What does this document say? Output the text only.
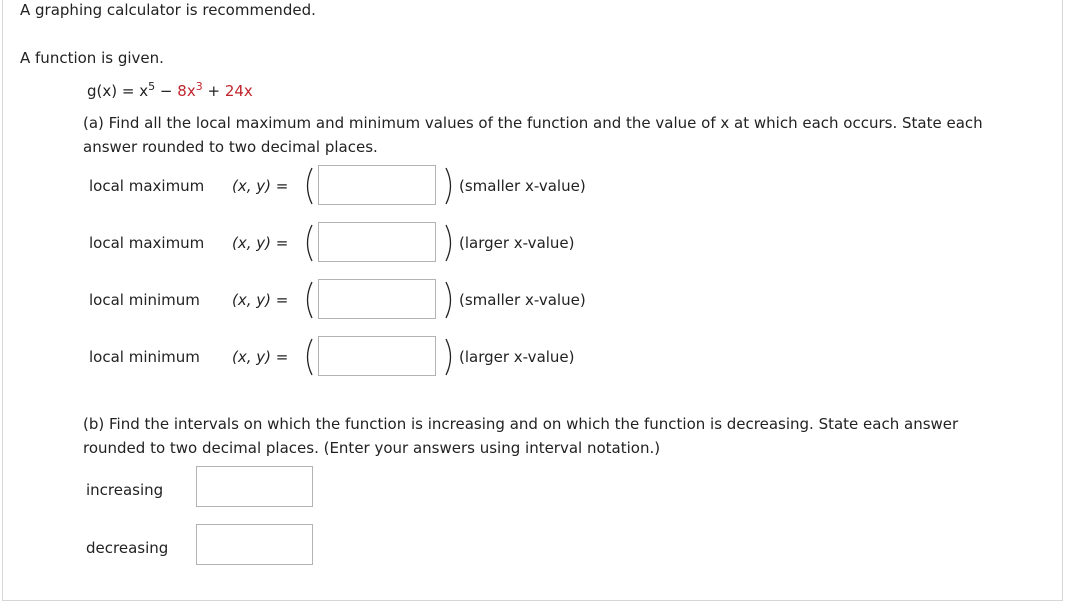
A graphing calculator is recommended.
A function is given.
$g(x) = x^5 - 8x^3 + 24x$
(a) Find all the local maximum and minimum values of the function and the value of x at which each occurs. State each
answer rounded to two decimal places.
local maximum (x, y) =	(smaller x-value)
local maximum (x, y) =	(larger x-value)
local minimum (x, y) =	(smaller x-value)
local minimum (x, y) =	(larger x-value)
(b) Find the intervals on which the function is increasing and on which the function is decreasing. State each answer
rounded to two decimal places. (Enter your answers using interval notation.)
increasing
decreasing
